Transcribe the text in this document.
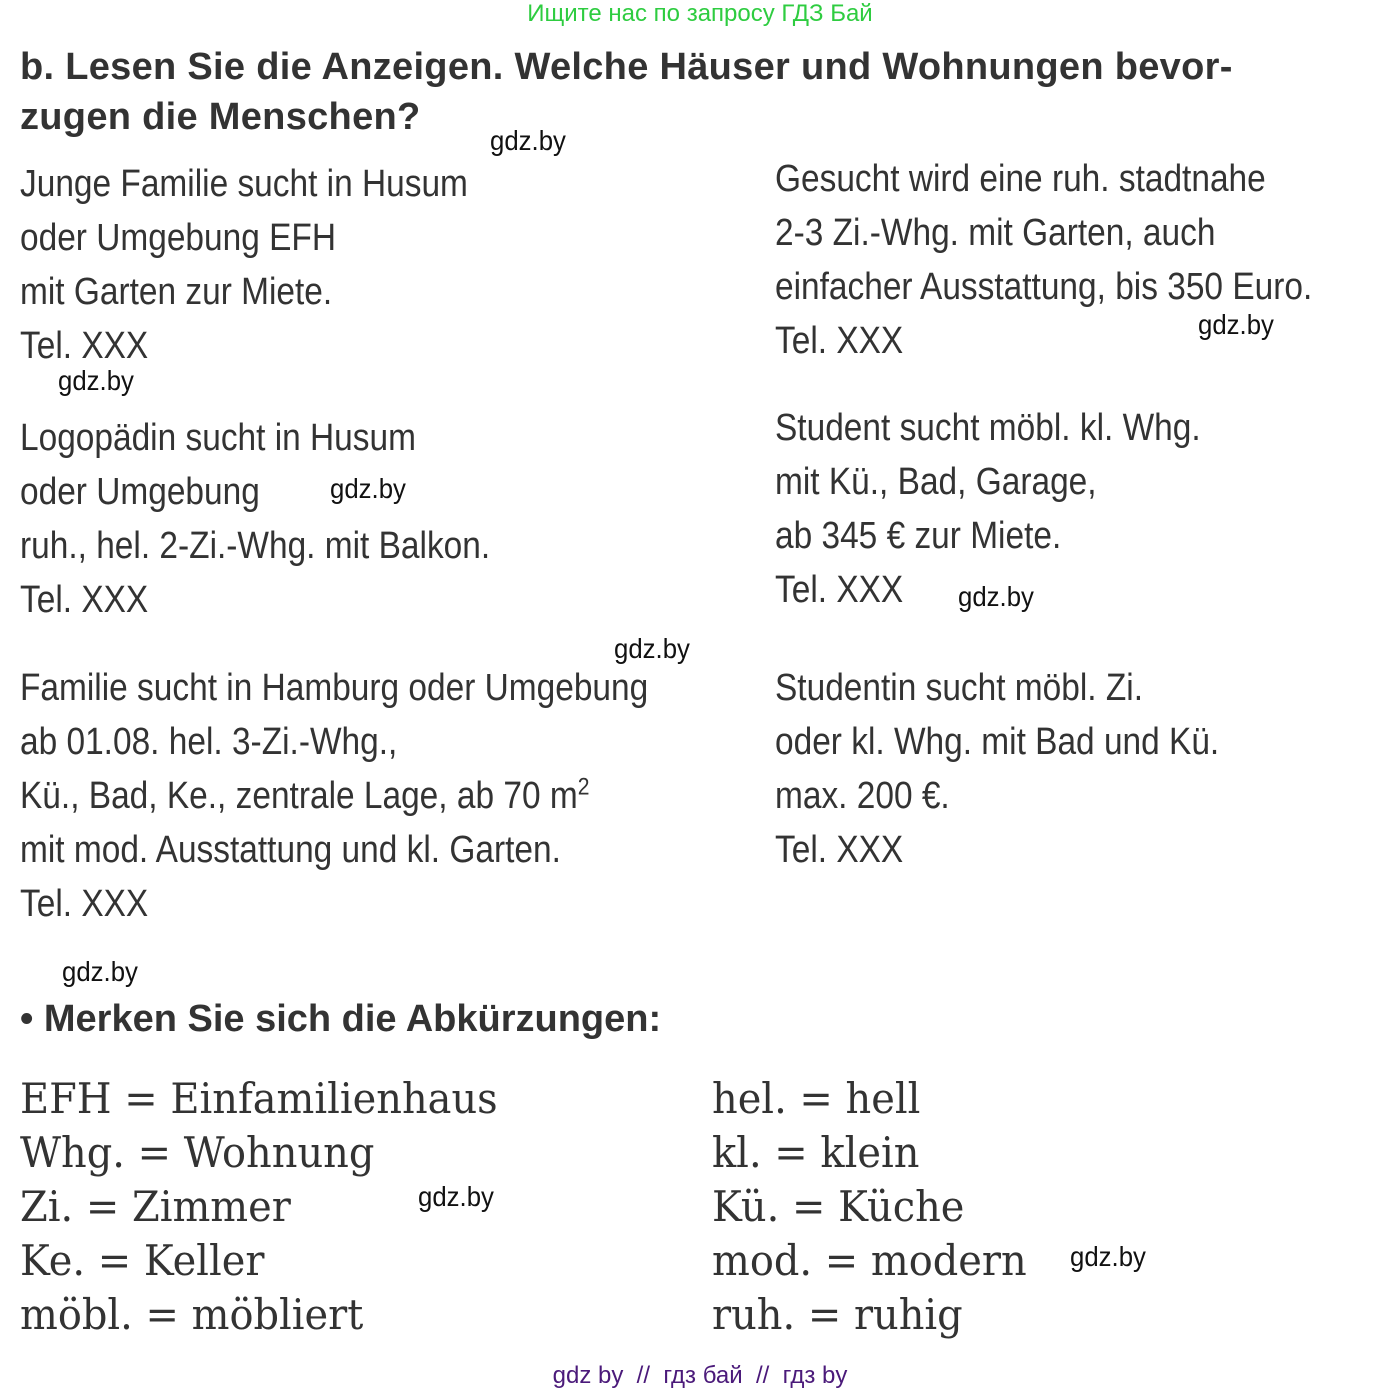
Ищите нас по запросу ГДЗ Бай
b. Lesen Sie die Anzeigen. Welche Häuser und Wohnungen bevor-
zugen die Menschen?
Junge Familie sucht in Husum
oder Umgebung EFH
mit Garten zur Miete.
Tel. XXX
Gesucht wird eine ruh. stadtnahe
2-3 Zi.-Whg. mit Garten, auch
einfacher Ausstattung, bis 350 Euro.
Tel. XXX
Logopädin sucht in Husum
oder Umgebung
ruh., hel. 2-Zi.-Whg. mit Balkon.
Tel. XXX
Student sucht möbl. kl. Whg.
mit Kü., Bad, Garage,
ab 345 € zur Miete.
Tel. XXX
Familie sucht in Hamburg oder Umgebung
ab 01.08. hel. 3-Zi.-Whg.,
Kü., Bad, Ke., zentrale Lage, ab 70 $m^2$
mit mod. Ausstattung und kl. Garten.
Tel. XXX
Studentin sucht möbl. Zi.
oder kl. Whg. mit Bad und Kü.
max. 200 €.
Tel. XXX
gdz.by
gdz.by
gdz.by
gdz.by
gdz.by
gdz.by
gdz.by
gdz.by
gdz.by
• Merken Sie sich die Abkürzungen:
EFH = Einfamilienhaus
Whg. = Wohnung
Zi. = Zimmer
Ke. = Keller
möbl. = möbliert
hel. = hell
kl. = klein
Kü. = Küche
mod. = modern
ruh. = ruhig
gdz by  //  гдз бай  //  гдз by
